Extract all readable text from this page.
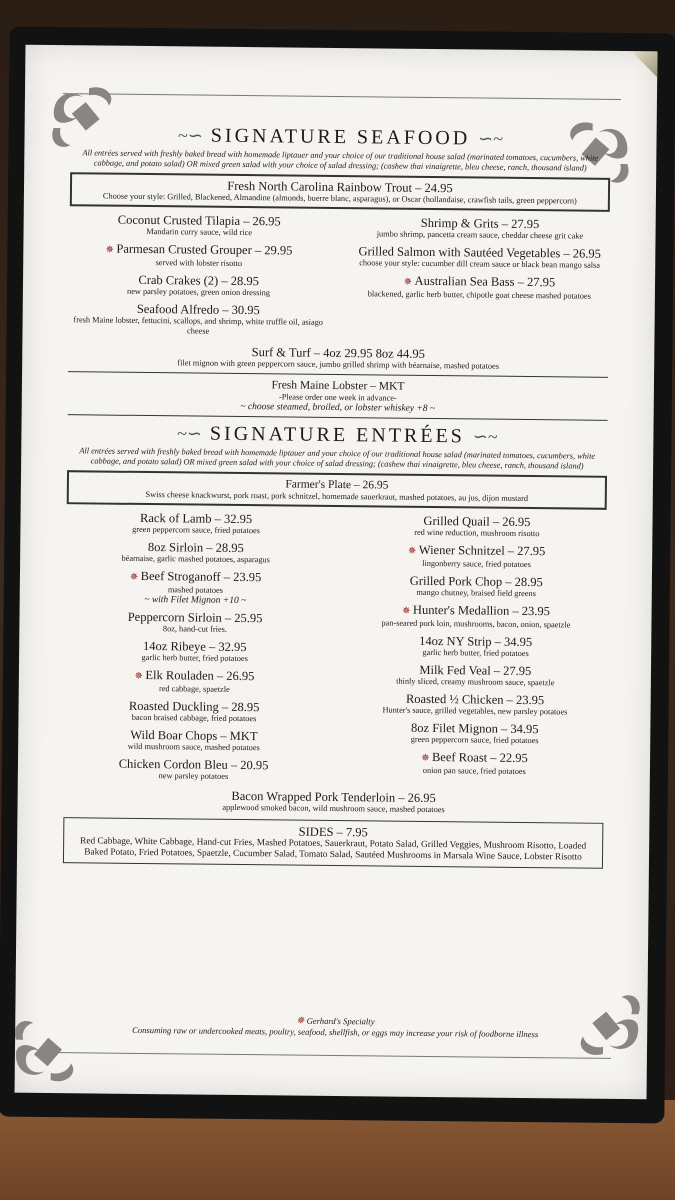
~∽ SIGNATURE SEAFOOD ∽~
All entrées served with freshly baked bread with homemade liptauer and your choice of our traditional house salad (marinated tomatoes, cucumbers, white cabbage, and potato salad) OR mixed green salad with your choice of salad dressing; (cashew thai vinaigrette, bleu cheese, ranch, thousand island)
Fresh North Carolina Rainbow Trout – 24.95
Choose your style: Grilled, Blackened, Almandine (almonds, buerre blanc, asparagus), or Oscar (hollandaise, crawfish tails, green peppercorn)
Coconut Crusted Tilapia – 26.95
Mandarin curry sauce, wild rice
✵ Parmesan Crusted Grouper – 29.95
served with lobster risotto
Crab Crakes (2) – 28.95
new parsley potatoes, green onion dressing
Seafood Alfredo – 30.95
fresh Maine lobster, fettucini, scallops, and shrimp, white truffle oil, asiago cheese
Shrimp & Grits – 27.95
jumbo shrimp, pancetta cream sauce, cheddar cheese grit cake
Grilled Salmon with Sautéed Vegetables – 26.95
choose your style: cucumber dill cream sauce or black bean mango salsa
✵ Australian Sea Bass – 27.95
blackened, garlic herb butter, chipotle goat cheese mashed potatoes
Surf & Turf – 4oz 29.95 8oz 44.95
filet mignon with green peppercorn sauce, jumbo grilled shrimp with béarnaise, mashed potatoes
Fresh Maine Lobster – MKT
-Please order one week in advance-
~ choose steamed, broiled, or lobster whiskey +8 ~
~∽ SIGNATURE ENTRÉES ∽~
All entrées served with freshly baked bread with homemade liptauer and your choice of our traditional house salad (marinated tomatoes, cucumbers, white cabbage, and potato salad) OR mixed green salad with your choice of salad dressing; (cashew thai vinaigrette, bleu cheese, ranch, thousand island)
Farmer's Plate – 26.95
Swiss cheese knackwurst, pork roast, pork schnitzel, homemade sauerkraut, mashed potatoes, au jus, dijon mustard
Rack of Lamb – 32.95
green peppercorn sauce, fried potatoes
8oz Sirloin – 28.95
béarnaise, garlic mashed potatoes, asparagus
✵ Beef Stroganoff – 23.95
mashed potatoes
~ with Filet Mignon +10 ~
Peppercorn Sirloin – 25.95
8oz, hand-cut fries.
14oz Ribeye – 32.95
garlic herb butter, fried potatoes
✵ Elk Rouladen – 26.95
red cabbage, spaetzle
Roasted Duckling – 28.95
bacon braised cabbage, fried potatoes
Wild Boar Chops – MKT
wild mushroom sauce, mashed potatoes
Chicken Cordon Bleu – 20.95
new parsley potatoes
Grilled Quail – 26.95
red wine reduction, mushroom risotto
✵ Wiener Schnitzel – 27.95
lingonberry sauce, fried potatoes
Grilled Pork Chop – 28.95
mango chutney, braised field greens
✵ Hunter's Medallion – 23.95
pan-seared pork loin, mushrooms, bacon, onion, spaetzle
14oz NY Strip – 34.95
garlic herb butter, fried potatoes
Milk Fed Veal – 27.95
thinly sliced, creamy mushroom sauce, spaetzle
Roasted ½ Chicken – 23.95
Hunter's sauce, grilled vegetables, new parsley potatoes
8oz Filet Mignon – 34.95
green peppercorn sauce, fried potatoes
✵ Beef Roast – 22.95
onion pan sauce, fried potatoes
Bacon Wrapped Pork Tenderloin – 26.95
applewood smoked bacon, wild mushroom sauce, mashed potatoes
SIDES – 7.95
Red Cabbage, White Cabbage, Hand-cut Fries, Mashed Potatoes, Sauerkraut, Potato Salad, Grilled Veggies, Mushroom Risotto, Loaded Baked Potato, Fried Potatoes, Spaetzle, Cucumber Salad, Tomato Salad, Sautéed Mushrooms in Marsala Wine Sauce, Lobster Risotto
✵ Gerhard's Specialty
Consuming raw or undercooked meats, poultry, seafood, shellfish, or eggs may increase your risk of foodborne illness
